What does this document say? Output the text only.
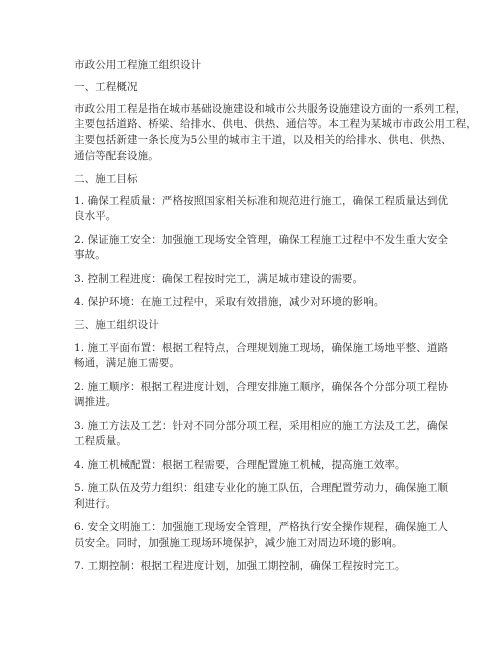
市政公用工程施工组织设计
一、工程概况
市政公用工程是指在城市基础设施建设和城市公共服务设施建设方面的一系列工程，
主要包括道路、桥梁、给排水、供电、供热、通信等。本工程为某城市市政公用工程，
主要包括新建一条长度为5公里的城市主干道，以及相关的给排水、供电、供热、
通信等配套设施。
二、施工目标
1. 确保工程质量：严格按照国家相关标准和规范进行施工，确保工程质量达到优
良水平。
2. 保证施工安全：加强施工现场安全管理，确保工程施工过程中不发生重大安全
事故。
3. 控制工程进度：确保工程按时完工，满足城市建设的需要。
4. 保护环境：在施工过程中，采取有效措施，减少对环境的影响。
三、施工组织设计
1. 施工平面布置：根据工程特点，合理规划施工现场，确保施工场地平整、道路
畅通，满足施工需要。
2. 施工顺序：根据工程进度计划，合理安排施工顺序，确保各个分部分项工程协
调推进。
3. 施工方法及工艺：针对不同分部分项工程，采用相应的施工方法及工艺，确保
工程质量。
4. 施工机械配置：根据工程需要，合理配置施工机械，提高施工效率。
5. 施工队伍及劳力组织：组建专业化的施工队伍，合理配置劳动力，确保施工顺
利进行。
6. 安全文明施工：加强施工现场安全管理，严格执行安全操作规程，确保施工人
员安全。同时，加强施工现场环境保护，减少施工对周边环境的影响。
7. 工期控制：根据工程进度计划，加强工期控制，确保工程按时完工。
